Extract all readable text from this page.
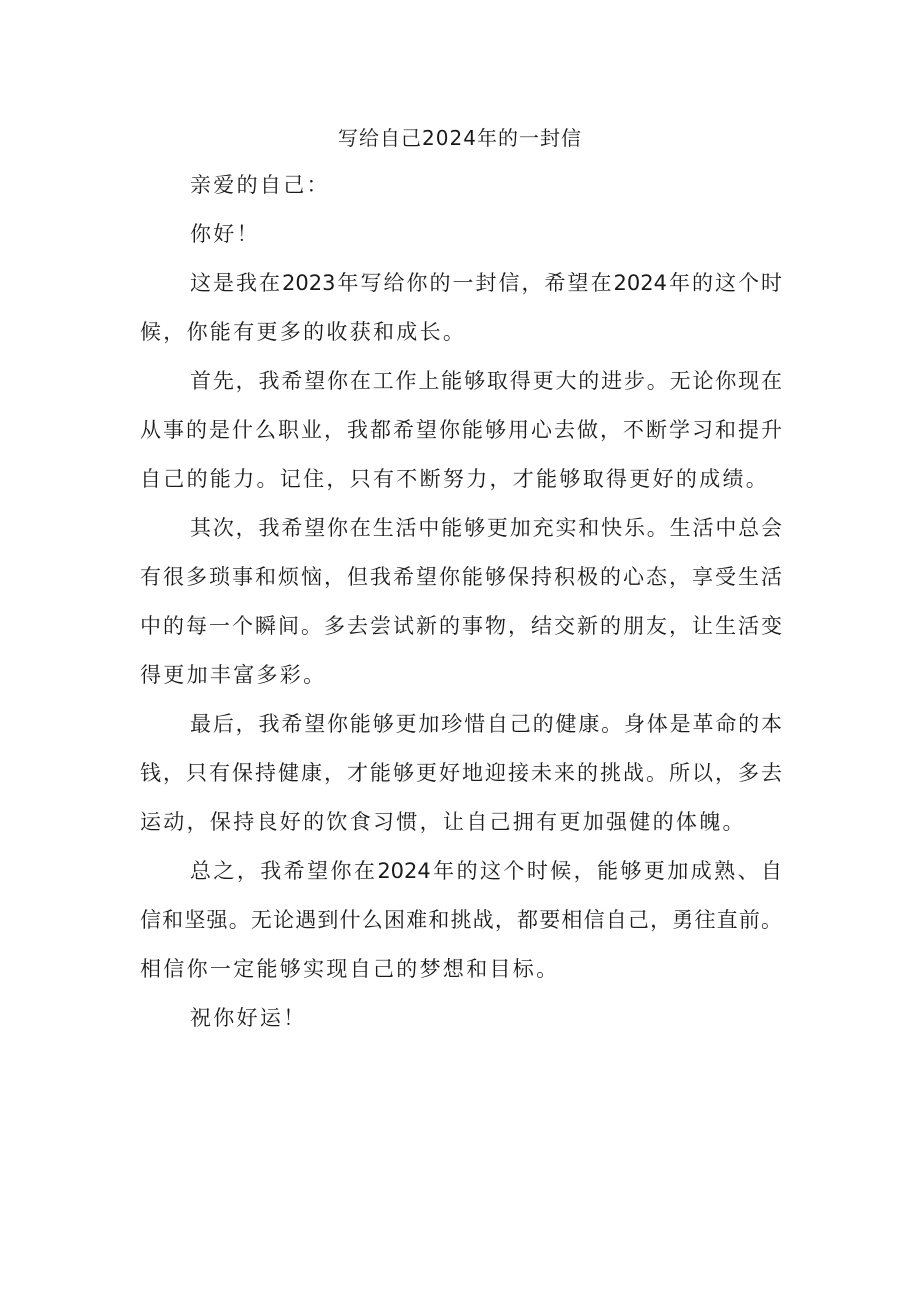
写给自己2024年的一封信
亲爱的自己：
你好！
这是我在2023年写给你的一封信，希望在2024年的这个时
候，你能有更多的收获和成长。
首先，我希望你在工作上能够取得更大的进步。无论你现在
从事的是什么职业，我都希望你能够用心去做，不断学习和提升
自己的能力。记住，只有不断努力，才能够取得更好的成绩。
其次，我希望你在生活中能够更加充实和快乐。生活中总会
有很多琐事和烦恼，但我希望你能够保持积极的心态，享受生活
中的每一个瞬间。多去尝试新的事物，结交新的朋友，让生活变
得更加丰富多彩。
最后，我希望你能够更加珍惜自己的健康。身体是革命的本
钱，只有保持健康，才能够更好地迎接未来的挑战。所以，多去
运动，保持良好的饮食习惯，让自己拥有更加强健的体魄。
总之，我希望你在2024年的这个时候，能够更加成熟、自
信和坚强。无论遇到什么困难和挑战，都要相信自己，勇往直前。
相信你一定能够实现自己的梦想和目标。
祝你好运！
